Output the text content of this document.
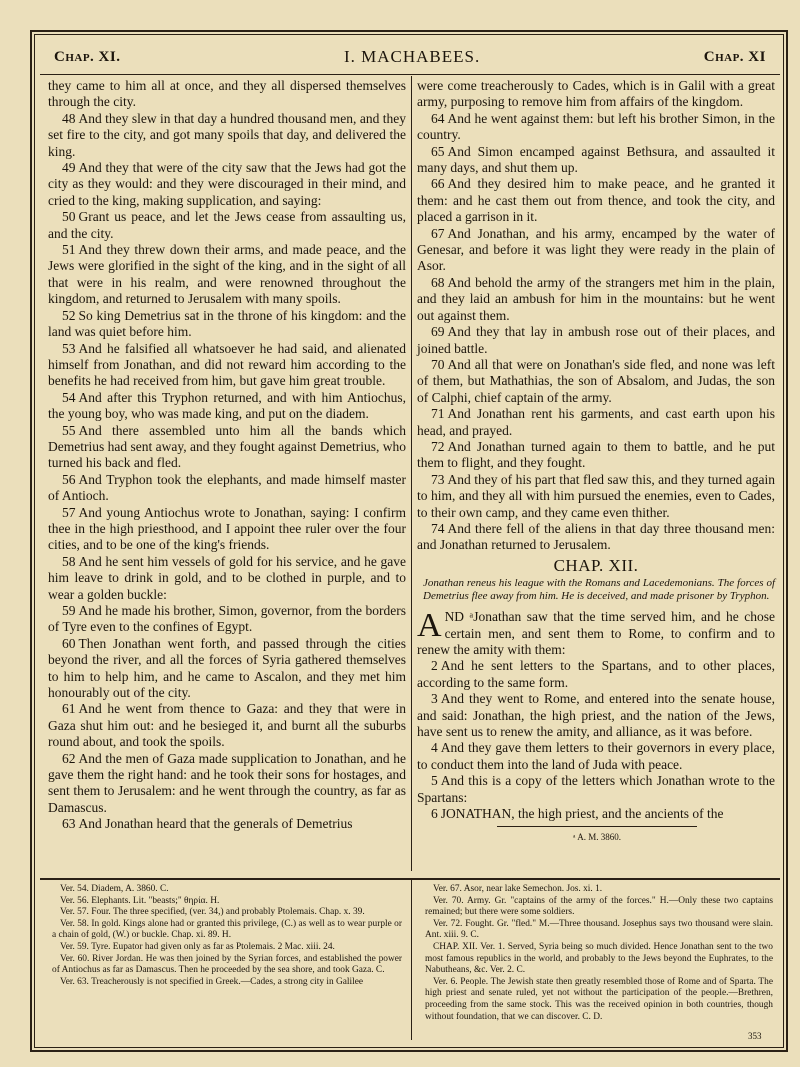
Chap. XI.	I. MACHABEES.	Chap. XI

they came to him all at once, and they all dispersed themselves through the city.

48 And they slew in that day a hundred thousand men, and they set fire to the city, and got many spoils that day, and delivered the king.

49 And they that were of the city saw that the Jews had got the city as they would: and they were discouraged in their mind, and cried to the king, making supplication, and saying:

50 Grant us peace, and let the Jews cease from assaulting us, and the city.

51 And they threw down their arms, and made peace, and the Jews were glorified in the sight of the king, and in the sight of all that were in his realm, and were renowned throughout the kingdom, and returned to Jerusalem with many spoils.

52 So king Demetrius sat in the throne of his kingdom: and the land was quiet before him.

53 And he falsified all whatsoever he had said, and alienated himself from Jonathan, and did not reward him according to the benefits he had received from him, but gave him great trouble.

54 And after this Tryphon returned, and with him Antiochus, the young boy, who was made king, and put on the diadem.

55 And there assembled unto him all the bands which Demetrius had sent away, and they fought against Demetrius, who turned his back and fled.

56 And Tryphon took the elephants, and made himself master of Antioch.

57 And young Antiochus wrote to Jonathan, saying: I confirm thee in the high priesthood, and I appoint thee ruler over the four cities, and to be one of the king's friends.

58 And he sent him vessels of gold for his service, and he gave him leave to drink in gold, and to be clothed in purple, and to wear a golden buckle:

59 And he made his brother, Simon, governor, from the borders of Tyre even to the confines of Egypt.

60 Then Jonathan went forth, and passed through the cities beyond the river, and all the forces of Syria gathered themselves to him to help him, and he came to Ascalon, and they met him honourably out of the city.

61 And he went from thence to Gaza: and they that were in Gaza shut him out: and he besieged it, and burnt all the suburbs round about, and took the spoils.

62 And the men of Gaza made supplication to Jonathan, and he gave them the right hand: and he took their sons for hostages, and sent them to Jerusalem: and he went through the country, as far as Damascus.

63 And Jonathan heard that the generals of Demetrius

were come treacherously to Cades, which is in Galil with a great army, purposing to remove him from affairs of the kingdom.

64 And he went against them: but left his brother Simon, in the country.

65 And Simon encamped against Bethsura, and assaulted it many days, and shut them up.

66 And they desired him to make peace, and he granted it them: and he cast them out from thence, and took the city, and placed a garrison in it.

67 And Jonathan, and his army, encamped by the water of Genesar, and before it was light they were ready in the plain of Asor.

68 And behold the army of the strangers met him in the plain, and they laid an ambush for him in the mountains: but he went out against them.

69 And they that lay in ambush rose out of their places, and joined battle.

70 And all that were on Jonathan's side fled, and none was left of them, but Mathathias, the son of Absalom, and Judas, the son of Calphi, chief captain of the army.

71 And Jonathan rent his garments, and cast earth upon his head, and prayed.

72 And Jonathan turned again to them to battle, and he put them to flight, and they fought.

73 And they of his part that fled saw this, and they turned again to him, and they all with him pursued the enemies, even to Cades, to their own camp, and they came even thither.

74 And there fell of the aliens in that day three thousand men: and Jonathan returned to Jerusalem.

CHAP. XII.

Jonathan reneus his league with the Romans and Lacedemonians. The forces of Demetrius flee away from him. He is deceived, and made prisoner by Tryphon.

AND ᵃJonathan saw that the time served him, and he chose certain men, and sent them to Rome, to confirm and to renew the amity with them:

2 And he sent letters to the Spartans, and to other places, according to the same form.

3 And they went to Rome, and entered into the senate house, and said: Jonathan, the high priest, and the nation of the Jews, have sent us to renew the amity, and alliance, as it was before.

4 And they gave them letters to their governors in every place, to conduct them into the land of Juda with peace.

5 And this is a copy of the letters which Jonathan wrote to the Spartans:

6 JONATHAN, the high priest, and the ancients of the

ᵃ A. M. 3860.

Ver. 54. Diadem, A. 3860. C.

Ver. 56. Elephants. Lit. "beasts;" θηρία. H.

Ver. 57. Four. The three specified, (ver. 34,) and probably Ptolemais. Chap. x. 39.

Ver. 58. In gold. Kings alone had or granted this privilege, (C.) as well as to wear purple or a chain of gold, (W.) or buckle. Chap. xi. 89. H.

Ver. 59. Tyre. Eupator had given only as far as Ptolemais. 2 Mac. xiii. 24.

Ver. 60. River Jordan. He was then joined by the Syrian forces, and established the power of Antiochus as far as Damascus. Then he proceeded by the sea shore, and took Gaza. C.

Ver. 63. Treacherously is not specified in Greek.—Cades, a strong city in Galilee

Ver. 67. Asor, near lake Semechon. Jos. xi. 1.

Ver. 70. Army. Gr. "captains of the army of the forces." H.—Only these two captains remained; but there were some soldiers.

Ver. 72. Fought. Gr. "fled." M.—Three thousand. Josephus says two thousand were slain. Ant. xiii. 9. C.

CHAP. XII. Ver. 1. Served, Syria being so much divided. Hence Jonathan sent to the two most famous republics in the world, and probably to the Jews beyond the Euphrates, to the Nabutheans, &c. Ver. 2. C.

Ver. 6. People. The Jewish state then greatly resembled those of Rome and of Sparta. The high priest and senate ruled, yet not without the participation of the people.—Brethren, proceeding from the same stock. This was the received opinion in both countries, though without foundation, that we can discover. C. D.

353
